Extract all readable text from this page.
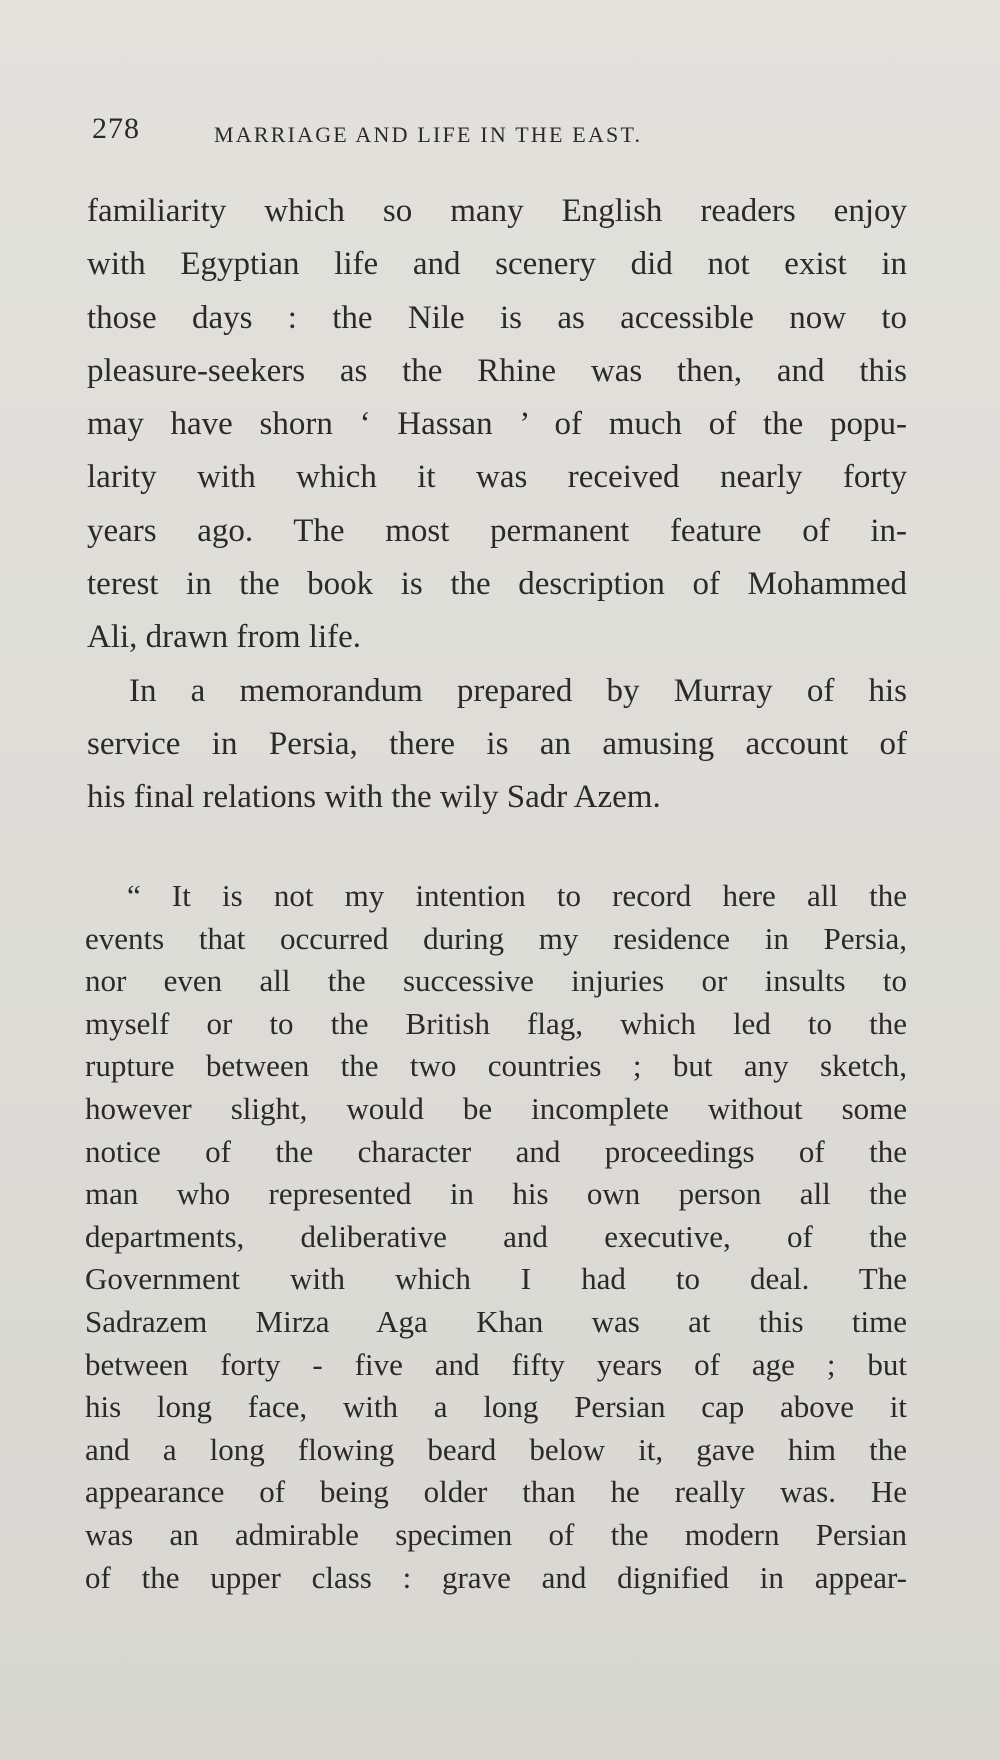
278	MARRIAGE AND LIFE IN THE EAST.
familiarity which so many English readers enjoy
with Egyptian life and scenery did not exist in
those days : the Nile is as accessible now to
pleasure-seekers as the Rhine was then, and this
may have shorn ‘ Hassan ’ of much of the popu-
larity with which it was received nearly forty
years ago. The most permanent feature of in-
terest in the book is the description of Mohammed
Ali, drawn from life.
In a memorandum prepared by Murray of his
service in Persia, there is an amusing account of
his final relations with the wily Sadr Azem.
“ It is not my intention to record here all the
events that occurred during my residence in Persia,
nor even all the successive injuries or insults to
myself or to the British flag, which led to the
rupture between the two countries ; but any sketch,
however slight, would be incomplete without some
notice of the character and proceedings of the
man who represented in his own person all the
departments, deliberative and executive, of the
Government with which I had to deal. The
Sadrazem Mirza Aga Khan was at this time
between forty - five and fifty years of age ; but
his long face, with a long Persian cap above it
and a long flowing beard below it, gave him the
appearance of being older than he really was. He
was an admirable specimen of the modern Persian
of the upper class : grave and dignified in appear-
